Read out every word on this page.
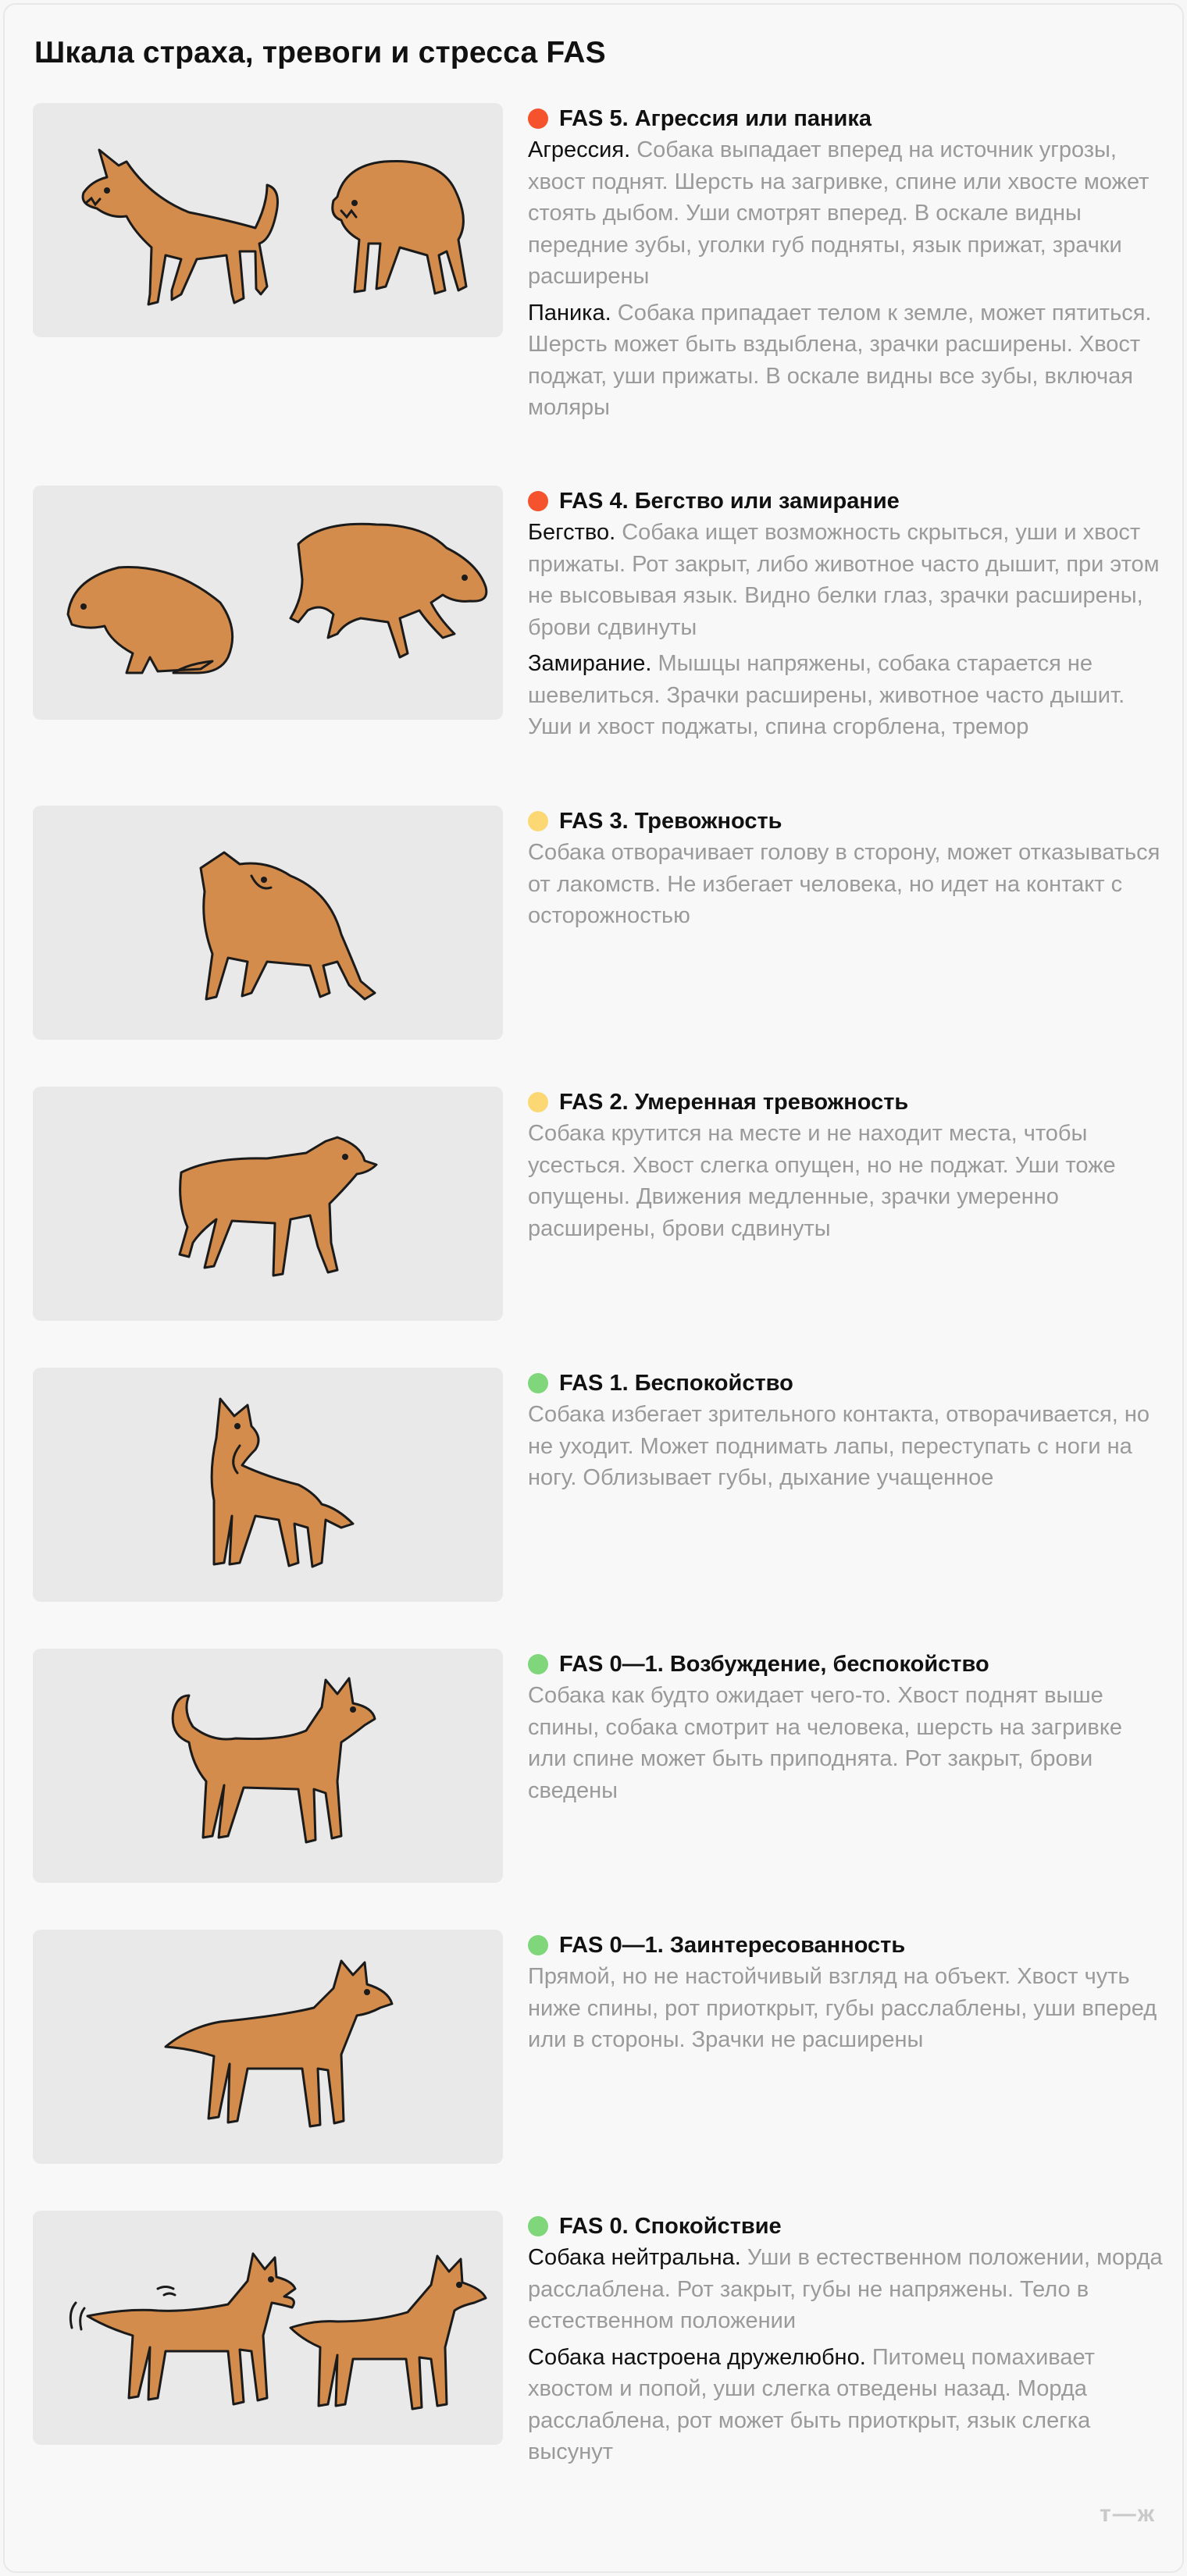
Шкала страха, тревоги и стресса FAS
FAS 5. Агрессия или паника

Агрессия. Собака выпадает вперед на источник угрозы, хвост поднят. Шерсть на загривке, спине или хвосте может стоять дыбом. Уши смотрят вперед. В оскале видны передние зубы, уголки губ подняты, язык прижат, зрачки расширены

Паника. Собака припадает телом к земле, может пятиться. Шерсть может быть вздыблена, зрачки расширены. Хвост поджат, уши прижаты. В оскале видны все зубы, включая моляры

FAS 4. Бегство или замирание

Бегство. Собака ищет возможность скрыться, уши и хвост прижаты. Рот закрыт, либо животное часто дышит, при этом не высовывая язык. Видно белки глаз, зрачки расширены, брови сдвинуты

Замирание. Мышцы напряжены, собака старается не шевелиться. Зрачки расширены, животное часто дышит. Уши и хвост поджаты, спина сгорблена, тремор

FAS 3. Тревожность

Собака отворачивает голову в сторону, может отказываться от лакомств. Не избегает человека, но идет на контакт с осторожностью

FAS 2. Умеренная тревожность

Собака крутится на месте и не находит места, чтобы усесться. Хвост слегка опущен, но не поджат. Уши тоже опущены. Движения медленные, зрачки умеренно расширены, брови сдвинуты

FAS 1. Беспокойство

Собака избегает зрительного контакта, отворачивается, но не уходит. Может поднимать лапы, переступать с ноги на ногу. Облизывает губы, дыхание учащенное

FAS 0—1. Возбуждение, беспокойство

Собака как будто ожидает чего-то. Хвост поднят выше спины, собака смотрит на человека, шерсть на загривке или спине может быть приподнята. Рот закрыт, брови сведены

FAS 0—1. Заинтересованность

Прямой, но не настойчивый взгляд на объект. Хвост чуть ниже спины, рот приоткрыт, губы расслаблены, уши вперед или в стороны. Зрачки не расширены

FAS 0. Спокойствие

Собака нейтральна. Уши в естественном положении, морда расслаблена. Рот закрыт, губы не напряжены. Тело в естественном положении

Собака настроена дружелюбно. Питомец помахивает хвостом и попой, уши слегка отведены назад. Морда расслаблена, рот может быть приоткрыт, язык слегка высунут

т—ж
